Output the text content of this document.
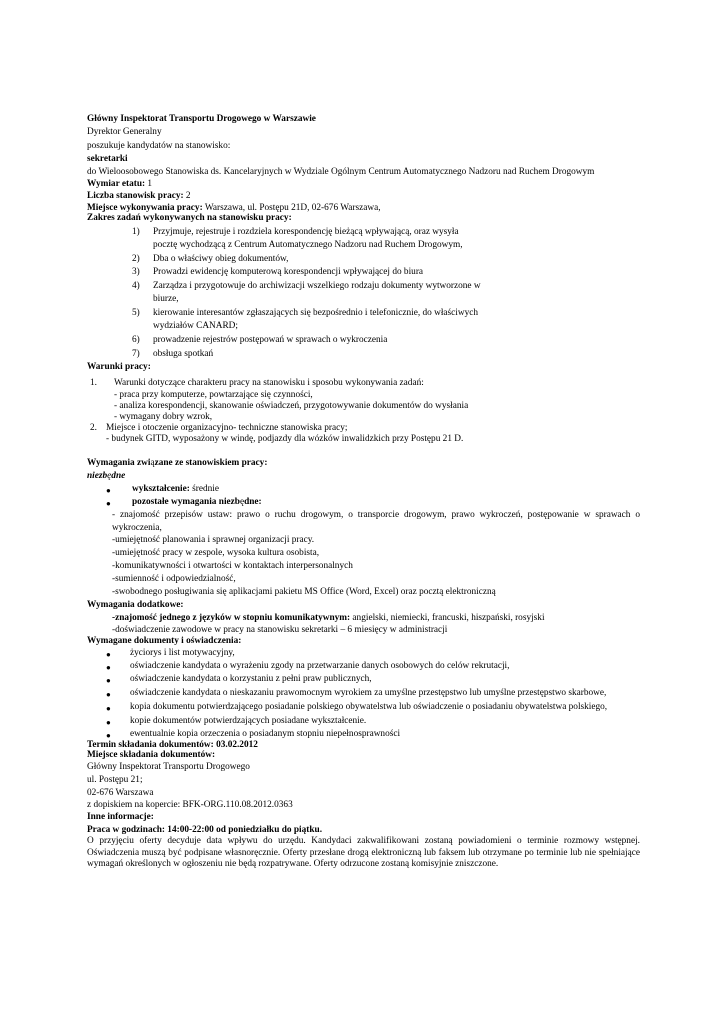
Główny Inspektorat Transportu Drogowego w Warszawie
Dyrektor Generalny
poszukuje kandydatów na stanowisko:
sekretarki
do Wieloosobowego Stanowiska ds. Kancelaryjnych w Wydziale Ogólnym Centrum Automatycznego Nadzoru nad Ruchem Drogowym
Wymiar etatu: 1
Liczba stanowisk pracy: 2
Miejsce wykonywania pracy: Warszawa, ul. Postępu 21D, 02-676 Warszawa,
Zakres zadań wykonywanych na stanowisku pracy:
1) Przyjmuje, rejestruje i rozdziela korespondencję bieżącą wpływającą, oraz wysyła
pocztę wychodzącą z Centrum Automatycznego Nadzoru nad Ruchem Drogowym,
2) Dba o właściwy obieg dokumentów,
3) Prowadzi ewidencję komputerową korespondencji wpływającej do biura
4) Zarządza i przygotowuje do archiwizacji wszelkiego rodzaju dokumenty wytworzone w
biurze,
5) kierowanie interesantów zgłaszających się bezpośrednio i telefonicznie, do właściwych
wydziałów CANARD;
6) prowadzenie rejestrów postępowań w sprawach o wykroczenia
7) obsługa spotkań
Warunki pracy:
1. Warunki dotyczące charakteru pracy na stanowisku i sposobu wykonywania zadań:
- praca przy komputerze, powtarzające się czynności,
- analiza korespondencji, skanowanie oświadczeń, przygotowywanie dokumentów do wysłania
- wymagany dobry wzrok,
2. Miejsce i otoczenie organizacyjno- techniczne stanowiska pracy;
- budynek GITD, wyposażony w windę, podjazdy dla wózków inwalidzkich przy Postępu 21 D.
Wymagania związane ze stanowiskiem pracy:
niezbędne
● wykształcenie: średnie
● pozostałe wymagania niezbędne:
- znajomość przepisów ustaw: prawo o ruchu drogowym, o transporcie drogowym, prawo wykroczeń, postępowanie w sprawach o wykroczenia,
-umiejętność planowania i sprawnej organizacji pracy.
-umiejętność pracy w zespole, wysoka kultura osobista,
-komunikatywności i otwartości w kontaktach interpersonalnych
-sumienność i odpowiedzialność,
-swobodnego posługiwania się aplikacjami pakietu MS Office (Word, Excel) oraz pocztą elektroniczną
Wymagania dodatkowe:
-znajomość jednego z języków w stopniu komunikatywnym: angielski, niemiecki, francuski, hiszpański, rosyjski
-doświadczenie zawodowe w pracy na stanowisku sekretarki – 6 miesięcy w administracji
Wymagane dokumenty i oświadczenia:
● życiorys i list motywacyjny,
● oświadczenie kandydata o wyrażeniu zgody na przetwarzanie danych osobowych do celów rekrutacji,
● oświadczenie kandydata o korzystaniu z pełni praw publicznych,
● oświadczenie kandydata o nieskazaniu prawomocnym wyrokiem za umyślne przestępstwo lub umyślne przestępstwo skarbowe,
● kopia dokumentu potwierdzającego posiadanie polskiego obywatelstwa lub oświadczenie o posiadaniu obywatelstwa polskiego,
● kopie dokumentów potwierdzających posiadane wykształcenie.
● ewentualnie kopia orzeczenia o posiadanym stopniu niepełnosprawności
Termin składania dokumentów: 03.02.2012
Miejsce składania dokumentów:
Główny Inspektorat Transportu Drogowego
ul. Postępu 21;
02-676 Warszawa
z dopiskiem na kopercie: BFK-ORG.110.08.2012.0363
Inne informacje:
Praca w godzinach: 14:00-22:00 od poniedziałku do piątku.
O przyjęciu oferty decyduje data wpływu do urzędu. Kandydaci zakwalifikowani zostaną powiadomieni o terminie rozmowy wstępnej. Oświadczenia muszą być podpisane własnoręcznie. Oferty przesłane drogą elektroniczną lub faksem lub otrzymane po terminie lub nie spełniające wymagań określonych w ogłoszeniu nie będą rozpatrywane. Oferty odrzucone zostaną komisyjnie zniszczone.
